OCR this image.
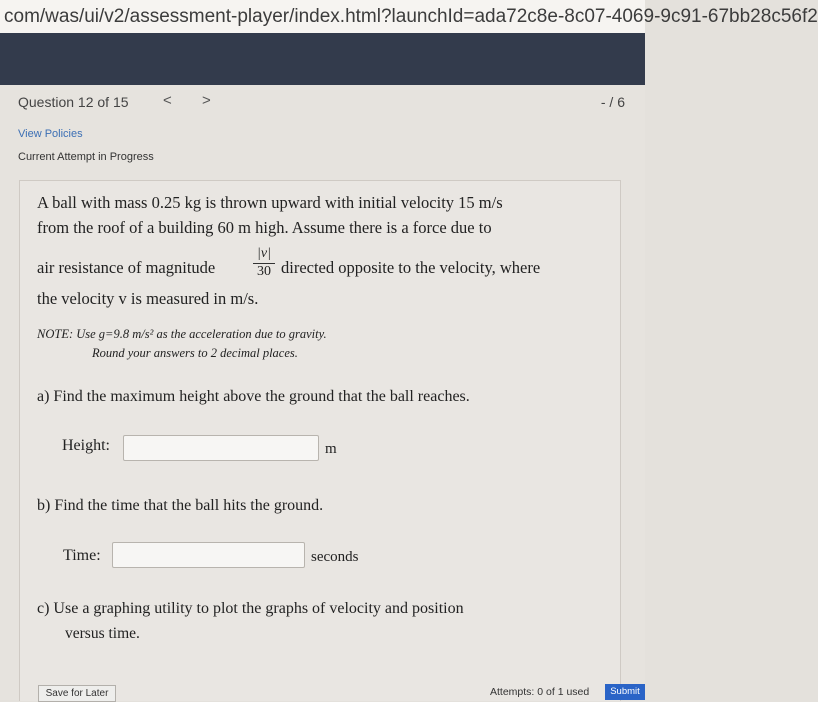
com/was/ui/v2/assessment-player/index.html?launchId=ada72c8e-8c07-4069-9c91-67bb28c56f2
Question 12 of 15 < >	- / 6
View Policies
Current Attempt in Progress
A ball with mass 0.25 kg is thrown upward with initial velocity 15 m/s
from the roof of a building 60 m high. Assume there is a force due to
air resistance of magnitude	$\frac{|v|}{30}$ directed opposite to the velocity, where
the velocity v is measured in m/s.
NOTE: Use g=9.8 m/s² as the acceleration due to gravity.
Round your answers to 2 decimal places.
a) Find the maximum height above the ground that the ball reaches.
Height:	m
b) Find the time that the ball hits the ground.
Time:	seconds
c) Use a graphing utility to plot the graphs of velocity and position
versus time.
Save for Later	Attempts: 0 of 1 used	Submit
